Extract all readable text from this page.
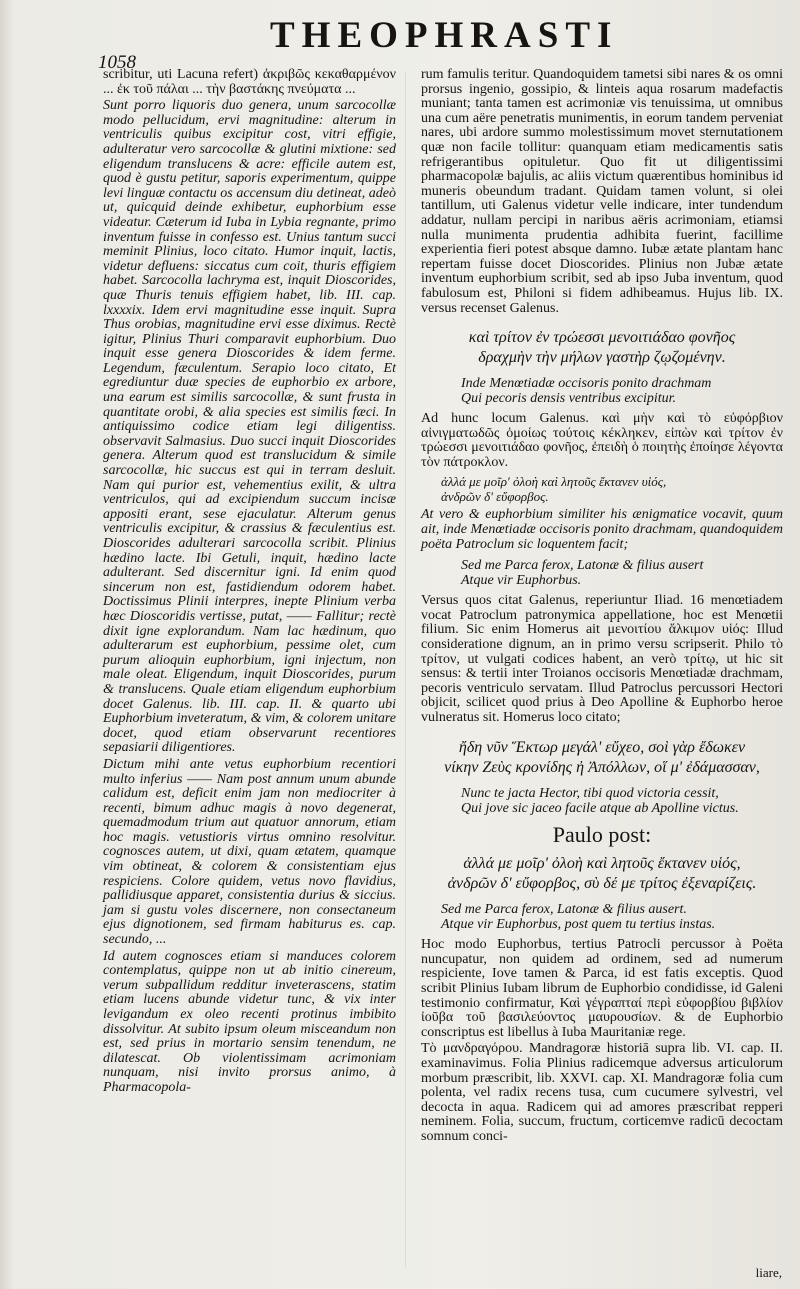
1058
THEOPHRASTI

scribitur, uti Lacuna refert) ἀκριβῶς κεκαθαρμένον ... ἐκ τοῦ πάλαι ... τὴν βαστάκης πνεύματα ...

Sunt porro liquoris duo genera, unum sarcocollæ modo pellucidum, ervi magnitudine: alterum in ventriculis quibus excipitur cost, vitri effigie, adulteratur vero sarcocollæ & glutini mixtione: sed eligendum translucens & acre: efficile autem est, quod è gustu petitur, saporis experimentum, quippe levi linguæ contactu os accensum diu detineat, adeò ut, quicquid deinde exhibetur, euphorbium esse videatur. Cæterum id Iuba in Lybia regnante, primo inventum fuisse in confesso est. Unius tantum succi meminit Plinius, loco citato. Humor inquit, lactis, videtur defluens: siccatus cum coit, thuris effigiem habet. Sarcocolla lachryma est, inquit Dioscorides, quæ Thuris tenuis effigiem habet, lib. III. cap. lxxxxix. Idem ervi magnitudine esse inquit. Supra Thus orobias, magnitudine ervi esse diximus. Rectè igitur, Plinius Thuri comparavit euphorbium. Duo inquit esse genera Dioscorides & idem ferme. Legendum, fæculentum. Serapio loco citato, Et egrediuntur duæ species de euphorbio ex arbore, una earum est similis sarcocollæ, & sunt frusta in quantitate orobi, & alia species est similis fæci. In antiquissimo codice etiam legi diligentiss. observavit Salmasius. Duo succi inquit Dioscorides genera. Alterum quod est translucidum & simile sarcocollæ, hic succus est qui in terram desluit. Nam qui purior est, vehementius exilit, & ultra ventriculos, qui ad excipiendum succum incisæ appositi erant, sese ejaculatur. Alterum genus ventriculis excipitur, & crassius & fæculentius est. Dioscorides adulterari sarcocolla scribit. Plinius hædino lacte. Ibi Getuli, inquit, hædino lacte adulterant. Sed discernitur igni. Id enim quod sincerum non est, fastidiendum odorem habet. Doctissimus Plinii interpres, inepte Plinium verba hæc Dioscoridis vertisse, putat, —— Fallitur; rectè dixit igne explorandum. Nam lac hædinum, quo adulterarum est euphorbium, pessime olet, cum purum alioquin euphorbium, igni injectum, non male oleat. Eligendum, inquit Dioscorides, purum & translucens. Quale etiam eligendum euphorbium docet Galenus. lib. III. cap. II. & quarto ubi Euphorbium inveteratum, & vim, & colorem unitare docet, quod etiam observarunt recentiores sepasiarii diligentiores.

Dictum mihi ante vetus euphorbium recentiori multo inferius —— Nam post annum unum abunde calidum est, deficit enim jam non mediocriter à recenti, bimum adhuc magis à novo degenerat, quemadmodum trium aut quatuor annorum, etiam hoc magis. vetustioris virtus omnino resolvitur. cognosces autem, ut dixi, quam ætatem, quamque vim obtineat, & colorem & consistentiam ejus respiciens. Colore quidem, vetus novo flavidius, pallidiusque apparet, consistentia durius & siccius. jam si gustu voles discernere, non consectaneum ejus dignotionem, sed firmam habiturus es. cap. secundo, ...

Id autem cognosces etiam si manduces colorem contemplatus, quippe non ut ab initio cinereum, verum subpallidum redditur inveterascens, statim etiam lucens abunde videtur tunc, & vix inter levigandum ex oleo recenti protinus imbibito dissolvitur. At subito ipsum oleum misceandum non est, sed prius in mortario sensim tenendum, ne dilatescat. Ob violentissimam acrimoniam nunquam, nisi invito prorsus animo, à Pharmacopola-

rum famulis teritur. Quandoquidem tametsi sibi nares & os omni prorsus ingenio, gossipio, & linteis aqua rosarum madefactis muniant; tanta tamen est acrimoniæ vis tenuissima, ut omnibus una cum aëre penetratis munimentis, in eorum tandem perveniat nares, ubi ardore summo molestissimum movet sternutationem quæ non facile tollitur: quanquam etiam medicamentis satis refrigerantibus opituletur. Quo fit ut diligentissimi pharmacopolæ bajulis, ac aliis victum quærentibus hominibus id muneris obeundum tradant. Quidam tamen volunt, si olei tantillum, uti Galenus videtur velle indicare, inter tundendum addatur, nullam percipi in naribus aëris acrimoniam, etiamsi nulla munimenta prudentia adhibita fuerint, facillime experientia fieri potest absque damno. Iubæ ætate plantam hanc repertam fuisse docet Dioscorides. Plinius non Jubæ ætate inventum euphorbium scribit, sed ab ipso Juba inventum, quod fabulosum est, Philoni si fidem adhibeamus. Hujus lib. IX. versus recenset Galenus.

καὶ τρίτον ἐν τρώεσσι μενοιτιάδαο φονῆος
δραχμὴν τὴν μήλων γαστὴρ ζῳζομένην.
Inde Menœtiadæ occisoris ponito drachmam
Qui pecoris densis ventribus excipitur.

Ad hunc locum Galenus. καὶ μὴν καὶ τὸ εὐφόρβιον αἰνιγματωδῶς ὁμοίως τούτοις κέκληκεν, εἰπὼν καὶ τρίτον ἐν τρώεσσι μενοιτιάδαο φονῆος, ἐπειδὴ ὁ ποιητὴς ἐποίησε λέγοντα τὸν πάτροκλον.

ἀλλά με μοῖρ' ὀλοὴ καὶ λητοῦς ἔκτανεν υἱός,
ἀνδρῶν δ' εὔφορβος.

At vero & euphorbium similiter his ænigmatice vocavit, quum ait, inde Menœtiadæ occisoris ponito drachmam, quandoquidem poëta Patroclum sic loquentem facit;

Sed me Parca ferox, Latonæ & filius ausert
Atque vir Euphorbus.

Versus quos citat Galenus, reperiuntur Iliad. 16 menœtiadem vocat Patroclum patronymica appellatione, hoc est Menœtii filium. Sic enim Homerus ait μενοιτίου ἄλκιμον υἱός: Illud consideratione dignum, an in primo versu scripserit. Philo τὸ τρίτον, ut vulgati codices habent, an verò τρίτῳ, ut hic sit sensus: & tertii inter Troianos occisoris Menœtiadæ drachmam, pecoris ventriculo servatam. Illud Patroclus percussori Hectori objicit, scilicet quod prius à Deo Apolline & Euphorbo heroe vulneratus sit. Homerus loco citato;

ἤδη νῦν Ἕκτωρ μεγάλ' εὔχεο, σοὶ γὰρ ἔδωκεν
νίκην Ζεὺς κρονίδης ἠ Ἀπόλλων, οἵ μ' ἐδάμασσαν,
Nunc te jacta Hector, tibi quod victoria cessit,
Qui jove sic jaceo facile atque ab Apolline victus.
Paulo post:
ἀλλά με μοῖρ' ὀλοὴ καὶ λητοῦς ἔκτανεν υἱός,
ἀνδρῶν δ' εὔφορβος, σὺ δέ με τρίτος ἐξεναρίζεις.
Sed me Parca ferox, Latonæ & filius ausert.
Atque vir Euphorbus, post quem tu tertius instas.

Hoc modo Euphorbus, tertius Patrocli percussor à Poëta nuncupatur, non quidem ad ordinem, sed ad numerum respiciente, Iove tamen & Parca, id est fatis exceptis. Quod scribit Plinius Iubam librum de Euphorbio condidisse, id Galeni testimonio confirmatur, Καὶ γέγραπταί περὶ εὐφορβίου βιβλίον ἰοῦβα τοῦ βασιλεύοντος μαυρουσίων. & de Euphorbio conscriptus est libellus à Iuba Mauritaniæ rege.

Τὸ μανδραγόρου. Mandragoræ historiā supra lib. VI. cap. II. examinavimus. Folia Plinius radicemque adversus articulorum morbum præscribit, lib. XXVI. cap. XI. Mandragoræ folia cum polenta, vel radix recens tusa, cum cucumere sylvestri, vel decocta in aqua. Radicem qui ad amores præscribat repperi neminem. Folia, succum, fructum, corticemve radicū decoctam somnum conci-

liare,
